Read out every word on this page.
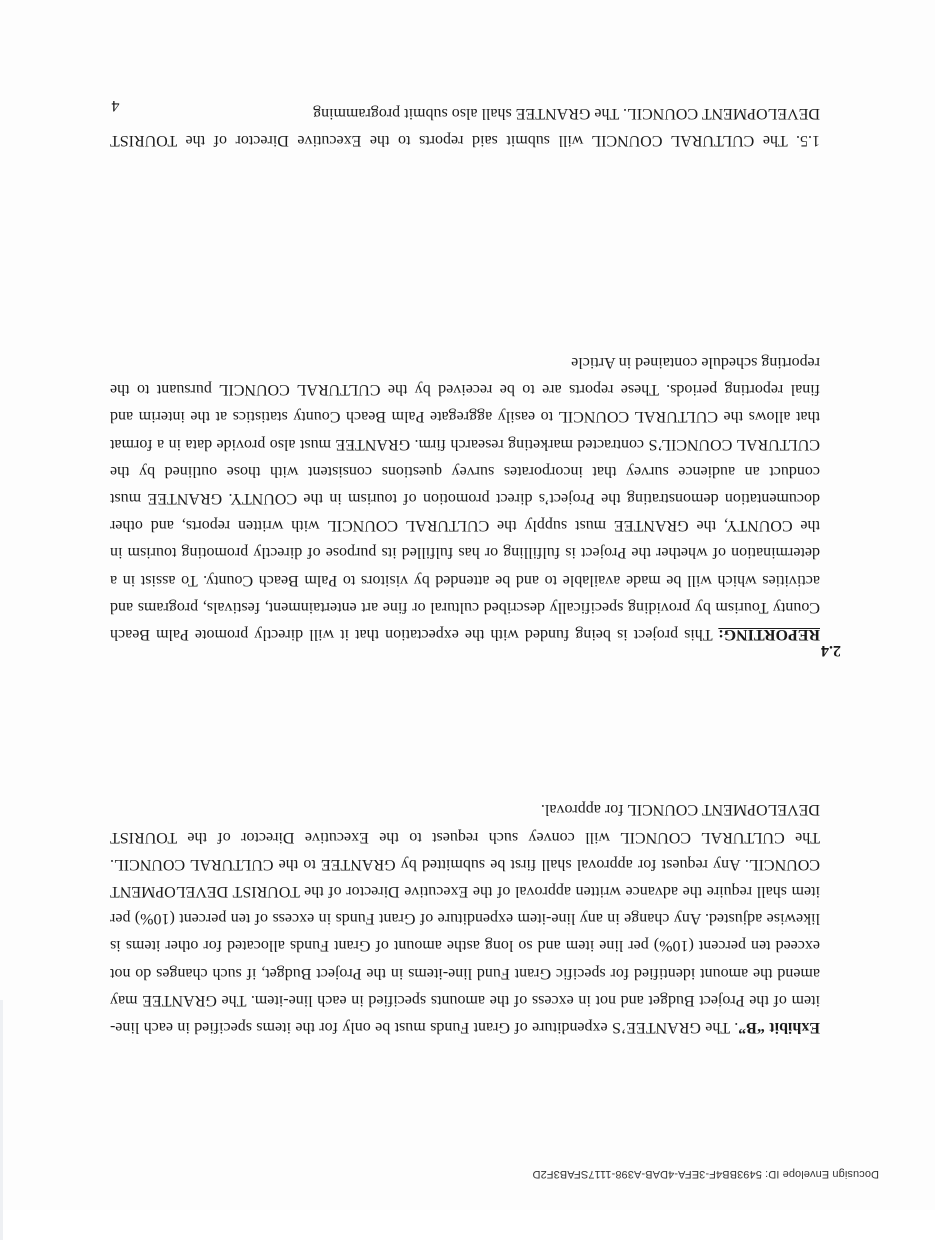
Docusign Envelope ID: 5493BB4F-3EFA-4DAB-A398-1117SFAB3F2D

Exhibit “B”. The GRANTEE’S expenditure of Grant Funds must be only for the items specified in each line-item of the Project Budget and not in excess of the amounts specified in each line-item. The GRANTEE may amend the amount identified for specific Grant Fund line-items in the Project Budget, if such changes do not exceed ten percent (10%) per line item and so long asthe amount of Grant Funds allocated for other items is likewise adjusted. Any change in any line-item expenditure of Grant Funds in excess of ten percent (10%) per item shall require the advance written approval of the Executive Director of the TOURIST DEVELOPMENT COUNCIL. Any request for approval shall first be submitted by GRANTEE to the CULTURAL COUNCIL. The CULTURAL COUNCIL will convey such request to the Executive Director of the TOURIST DEVELOPMENT COUNCIL for approval.

2.4

REPORTING: This project is being funded with the expectation that it will directly promote Palm Beach County Tourism by providing specifically described cultural or fine art entertainment, festivals, programs and activities which will be made available to and be attended by visitors to Palm Beach County. To assist in a determination of whether the Project is fulfilling or has fulfilled its purpose of directly promoting tourism in the COUNTY, the GRANTEE must supply the CULTURAL COUNCIL with written reports, and other documentation demonstrating the Project’s direct promotion of tourism in the COUNTY. GRANTEE must conduct an audience survey that incorporates survey questions consistent with those outlined by the CULTURAL COUNCIL’S contracted marketing research firm. GRANTEE must also provide data in a format that allows the CULTURAL COUNCIL to easily aggregate Palm Beach County statistics at the interim and final reporting periods. These reports are to be received by the CULTURAL COUNCIL pursuant to the reporting schedule contained in Article

1.5. The CULTURAL COUNCIL will submit said reports to the Executive Director of the TOURIST DEVELOPMENT COUNCIL. The GRANTEE shall also submit programming

4
